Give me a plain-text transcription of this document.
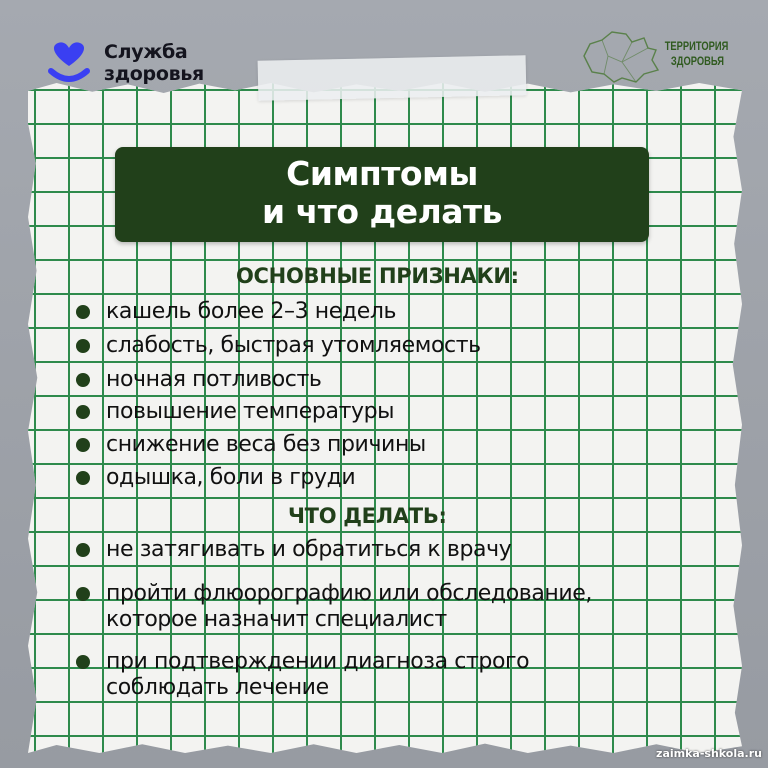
Служба
здоровья
ТЕРРИТОРИЯ
ЗДОРОВЬЯ
Симптомы
и что делать
ОСНОВНЫЕ ПРИЗНАКИ:
кашель более 2–3 недель
слабость, быстрая утомляемость
ночная потливость
повышение температуры
снижение веса без причины
одышка, боли в груди
ЧТО ДЕЛАТЬ:
не затягивать и обратиться к врачу
пройти флюорографию или обследование,
которое назначит специалист
при подтверждении диагноза строго
соблюдать лечение
zaimka-shkola.ru
